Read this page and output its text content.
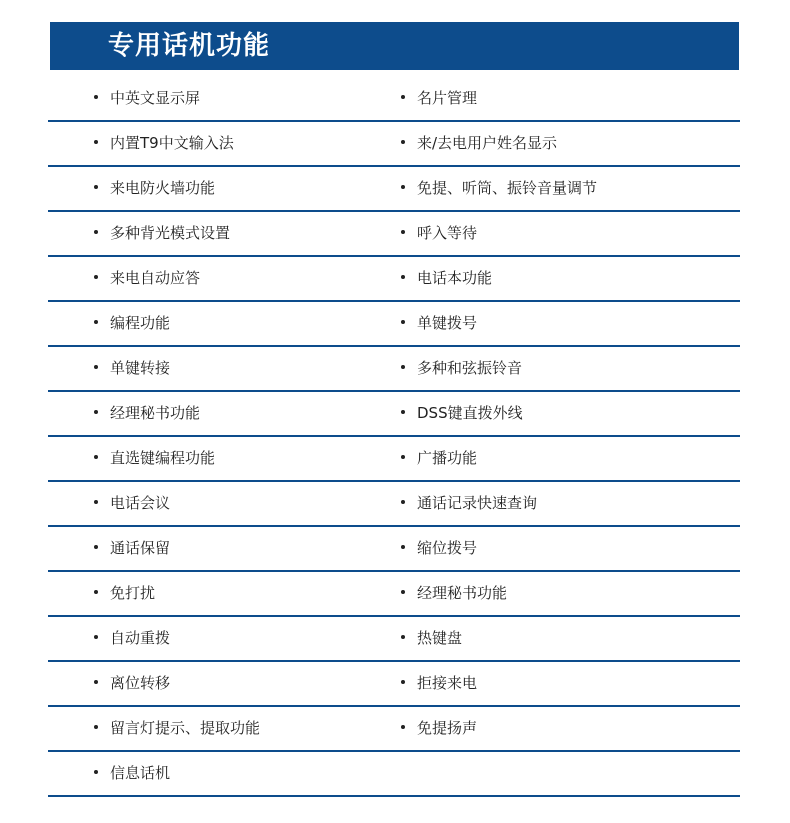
专用话机功能
中英文显示屏	名片管理
内置T9中文输入法	来/去电用户姓名显示
来电防火墙功能	免提、听筒、振铃音量调节
多种背光模式设置	呼入等待
来电自动应答	电话本功能
编程功能	单键拨号
单键转接	多种和弦振铃音
经理秘书功能	DSS键直拨外线
直选键编程功能	广播功能
电话会议	通话记录快速查询
通话保留	缩位拨号
免打扰	经理秘书功能
自动重拨	热键盘
离位转移	拒接来电
留言灯提示、提取功能	免提扬声
信息话机
